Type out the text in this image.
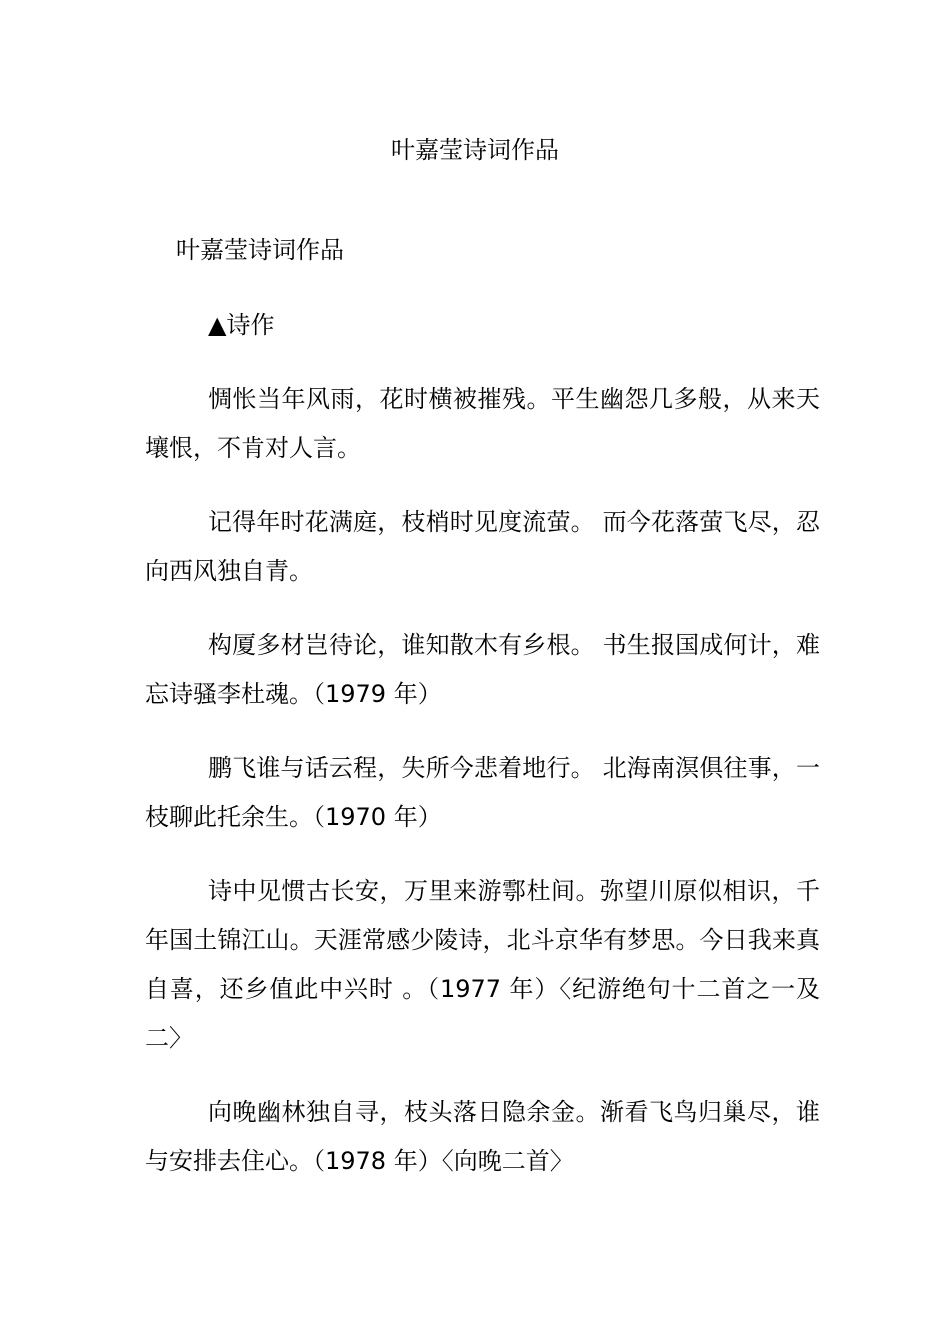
叶嘉莹诗词作品
叶嘉莹诗词作品
▲诗作

惆怅当年风雨，花时横被摧残。平生幽怨几多般，从来天壤恨，不肯对人言。

记得年时花满庭，枝梢时见度流萤。 而今花落萤飞尽，忍向西风独自青。

构厦多材岂待论，谁知散木有乡根。 书生报国成何计，难忘诗骚李杜魂。（1979 年）

鹏飞谁与话云程，失所今悲着地行。 北海南溟俱往事，一枝聊此托余生。（1970 年）

诗中见惯古长安，万里来游鄠杜间。弥望川原似相识，千年国土锦江山。天涯常感少陵诗，北斗京华有梦思。今日我来真自喜，还乡值此中兴时 。（1977 年）〈纪游绝句十二首之一及二〉

向晚幽林独自寻，枝头落日隐余金。渐看飞鸟归巢尽，谁与安排去住心。（1978 年）〈向晚二首〉
